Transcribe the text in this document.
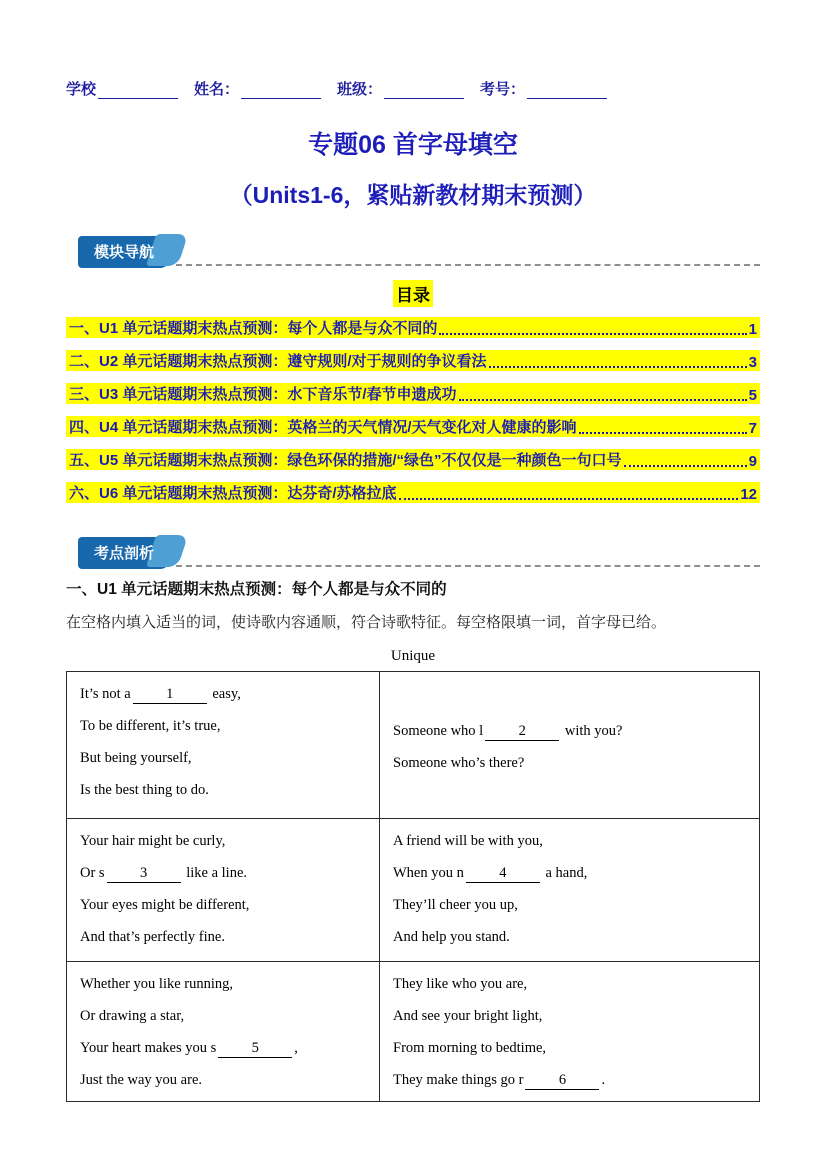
学校	姓名：	班级：	考号：
专题06 首字母填空
（Units1-6，紧贴新教材期末预测）
模块导航
目录
一、U1 单元话题期末热点预测：每个人都是与众不同的	1
二、U2 单元话题期末热点预测：遵守规则/对于规则的争议看法	3
三、U3 单元话题期末热点预测：水下音乐节/春节申遗成功	5
四、U4 单元话题期末热点预测：英格兰的天气情况/天气变化对人健康的影响	7
五、U5 单元话题期末热点预测：绿色环保的措施/“绿色”不仅仅是一种颜色一句口号	9
六、U6 单元话题期末热点预测：达芬奇/苏格拉底	12
考点剖析
一、U1 单元话题期末热点预测：每个人都是与众不同的
在空格内填入适当的词，使诗歌内容通顺，符合诗歌特征。每空格限填一词，首字母已给。
Unique

It’s not a 1 easy,

To be different, it’s true,

But being yourself,

Is the best thing to do.

Someone who l 2 with you?

Someone who’s there?

Your hair might be curly,

Or s 3 like a line.

Your eyes might be different,

And that’s perfectly fine.

A friend will be with you,

When you n 4 a hand,

They’ll cheer you up,

And help you stand.

Whether you like running,

Or drawing a star,

Your heart makes you s 5 ,

Just the way you are.

They like who you are,

And see your bright light,

From morning to bedtime,

They make things go r 6 .
